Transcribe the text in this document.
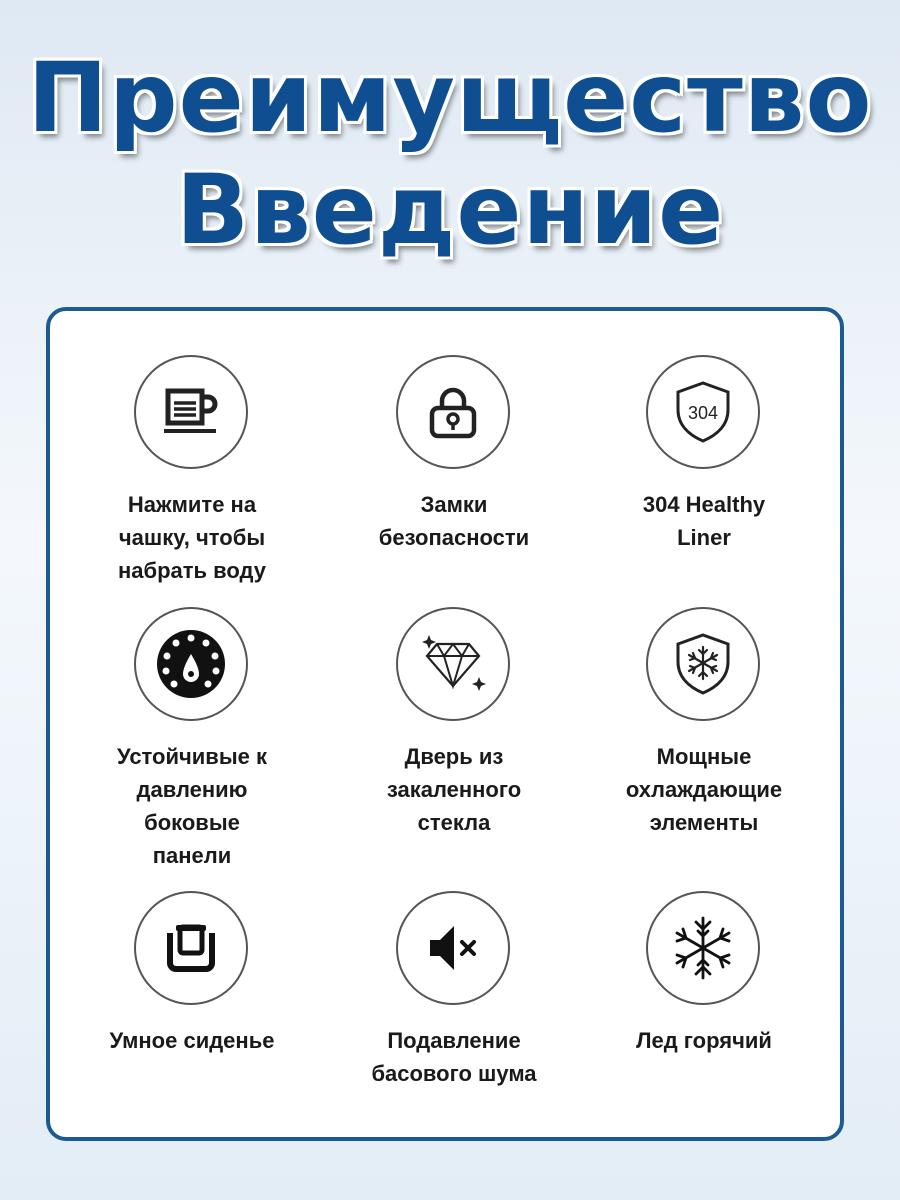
Преимущество
Введение
Нажмите на
чашку, чтобы
набрать воду
Замки
безопасности
304
304 Healthy
Liner
Устойчивые к
давлению
боковые
панели
Дверь из
закаленного
стекла
Мощные
охлаждающие
элементы
Умное сиденье	Подавление
басового шума
Лед горячий
